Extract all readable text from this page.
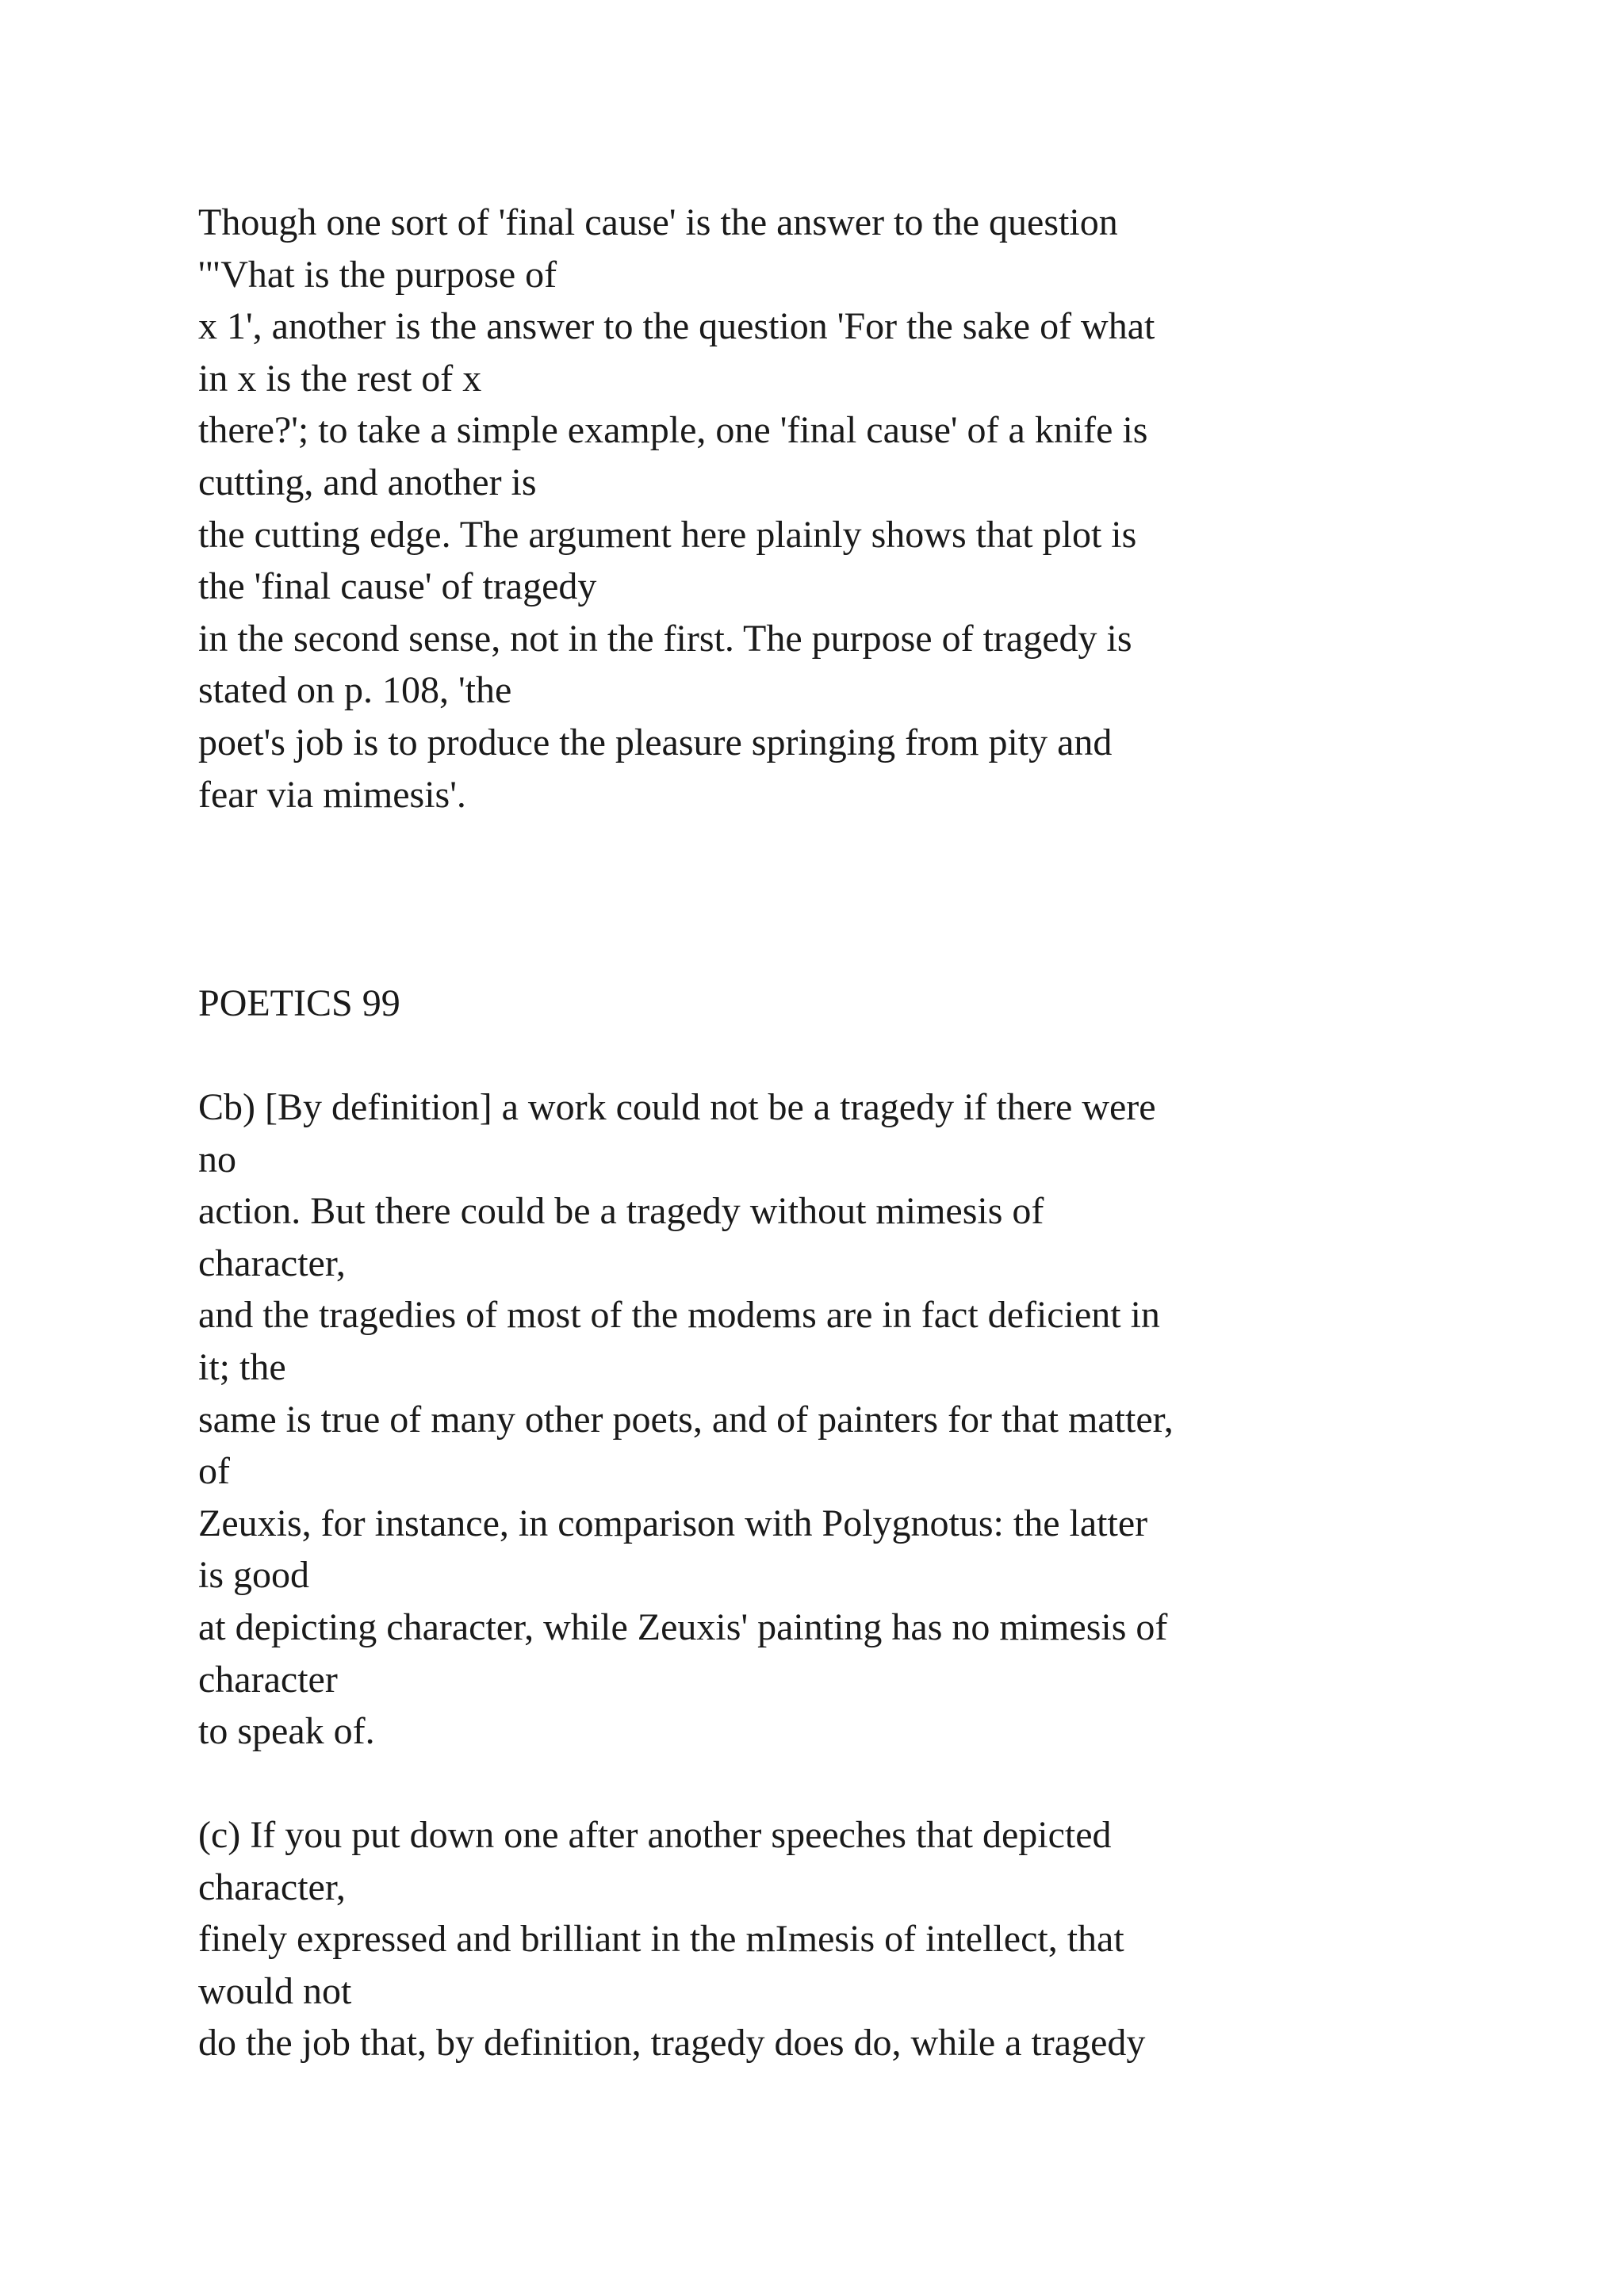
Though one sort of 'final cause' is the answer to the question
'"Vhat is the purpose of
x 1', another is the answer to the question 'For the sake of what
in x is the rest of x
there?'; to take a simple example, one 'final cause' of a knife is
cutting, and another is
the cutting edge. The argument here plainly shows that plot is
the 'final cause' of tragedy
in the second sense, not in the first. The purpose of tragedy is
stated on p. 108, 'the
poet's job is to produce the pleasure springing from pity and
fear via mimesis'.
POETICS 99
Cb) [By definition] a work could not be a tragedy if there were
no
action. But there could be a tragedy without mimesis of
character,
and the tragedies of most of the modems are in fact deficient in
it; the
same is true of many other poets, and of painters for that matter,
of
Zeuxis, for instance, in comparison with Polygnotus: the latter
is good
at depicting character, while Zeuxis' painting has no mimesis of
character
to speak of.
(c) If you put down one after another speeches that depicted
character,
finely expressed and brilliant in the mImesis of intellect, that
would not
do the job that, by definition, tragedy does do, while a tragedy
